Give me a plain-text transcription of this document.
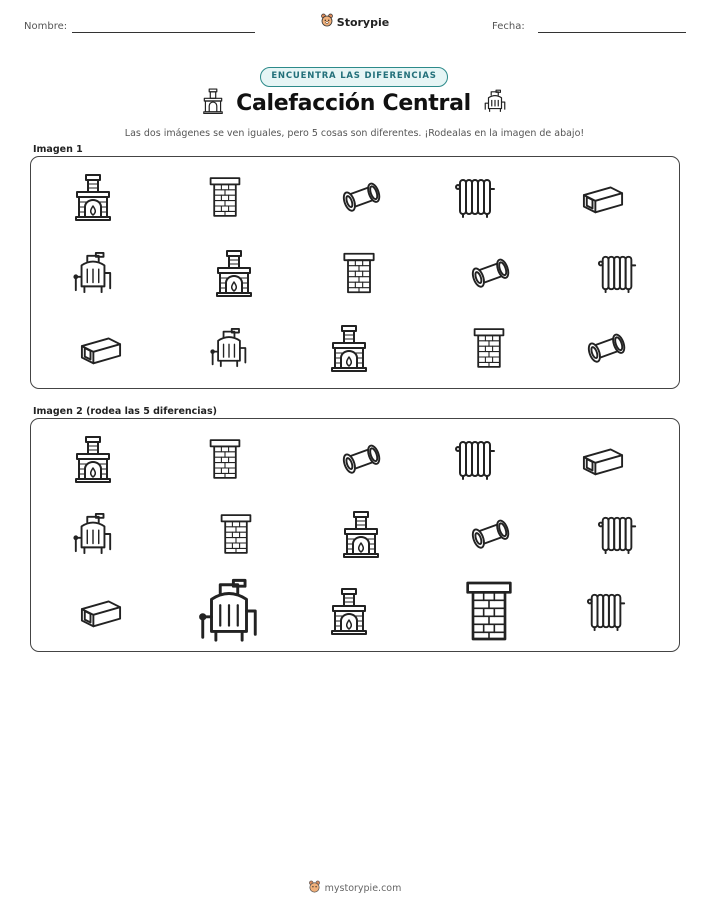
Nombre:	Fecha:
Storypie
ENCUENTRA LAS DIFERENCIAS
Calefacción Central
Las dos imágenes se ven iguales, pero 5 cosas son diferentes. ¡Rodealas en la imagen de abajo!
Imagen 1
Imagen 2 (rodea las 5 diferencias)
mystorypie.com
